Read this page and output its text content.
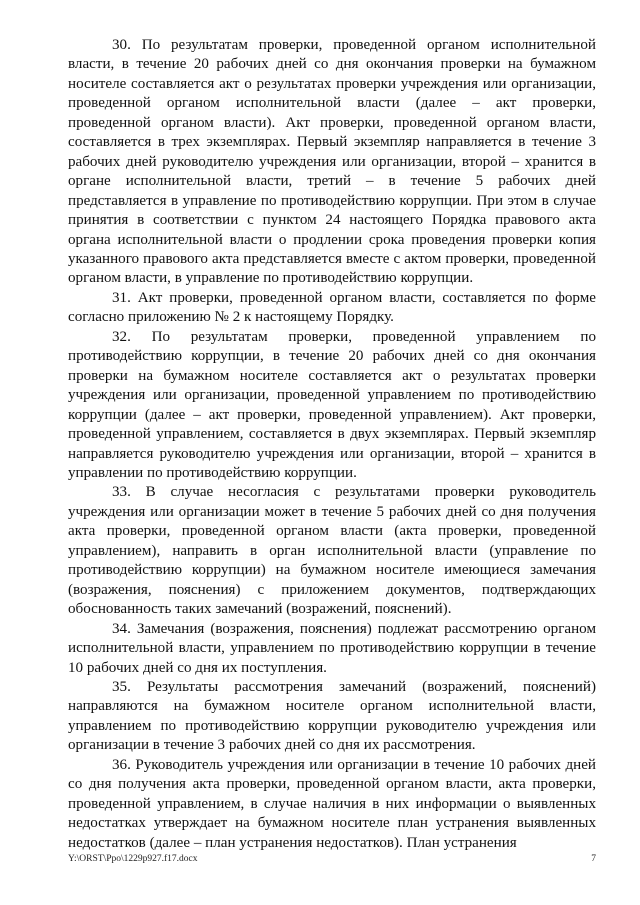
30. По результатам проверки, проведенной органом исполнительной власти, в течение 20 рабочих дней со дня окончания проверки на бумажном носителе составляется акт о результатах проверки учреждения или организации, проведенной органом исполнительной власти (далее – акт проверки, проведенной органом власти). Акт проверки, проведенной органом власти, составляется в трех экземплярах. Первый экземпляр направляется в течение 3 рабочих дней руководителю учреждения или организации, второй – хранится в органе исполнительной власти, третий – в течение 5 рабочих дней представляется в управление по противодействию коррупции. При этом в случае принятия в соответствии с пунктом 24 настоящего Порядка правового акта органа исполнительной власти о продлении срока проведения проверки копия указанного правового акта представляется вместе с актом проверки, проведенной органом власти, в управление по противодействию коррупции.

31. Акт проверки, проведенной органом власти, составляется по форме согласно приложению № 2 к настоящему Порядку.

32. По результатам проверки, проведенной управлением по противодействию коррупции, в течение 20 рабочих дней со дня окончания проверки на бумажном носителе составляется акт о результатах проверки учреждения или организации, проведенной управлением по противодействию коррупции (далее – акт проверки, проведенной управлением). Акт проверки, проведенной управлением, составляется в двух экземплярах. Первый экземпляр направляется руководителю учреждения или организации, второй – хранится в управлении по противодействию коррупции.

33. В случае несогласия с результатами проверки руководитель учреждения или организации может в течение 5 рабочих дней со дня получения акта проверки, проведенной органом власти (акта проверки, проведенной управлением), направить в орган исполнительной власти (управление по противодействию коррупции) на бумажном носителе имеющиеся замечания (возражения, пояснения) с приложением документов, подтверждающих обоснованность таких замечаний (возражений, пояснений).

34. Замечания (возражения, пояснения) подлежат рассмотрению органом исполнительной власти, управлением по противодействию коррупции в течение 10 рабочих дней со дня их поступления.

35. Результаты рассмотрения замечаний (возражений, пояснений) направляются на бумажном носителе органом исполнительной власти, управлением по противодействию коррупции руководителю учреждения или организации в течение 3 рабочих дней со дня их рассмотрения.

36. Руководитель учреждения или организации в течение 10 рабочих дней со дня получения акта проверки, проведенной органом власти, акта проверки, проведенной управлением, в случае наличия в них информации о выявленных недостатках утверждает на бумажном носителе план устранения выявленных недостатков (далее – план устранения недостатков). План устранения

Y:\ORST\Ppo\1229p927.f17.docx	7
